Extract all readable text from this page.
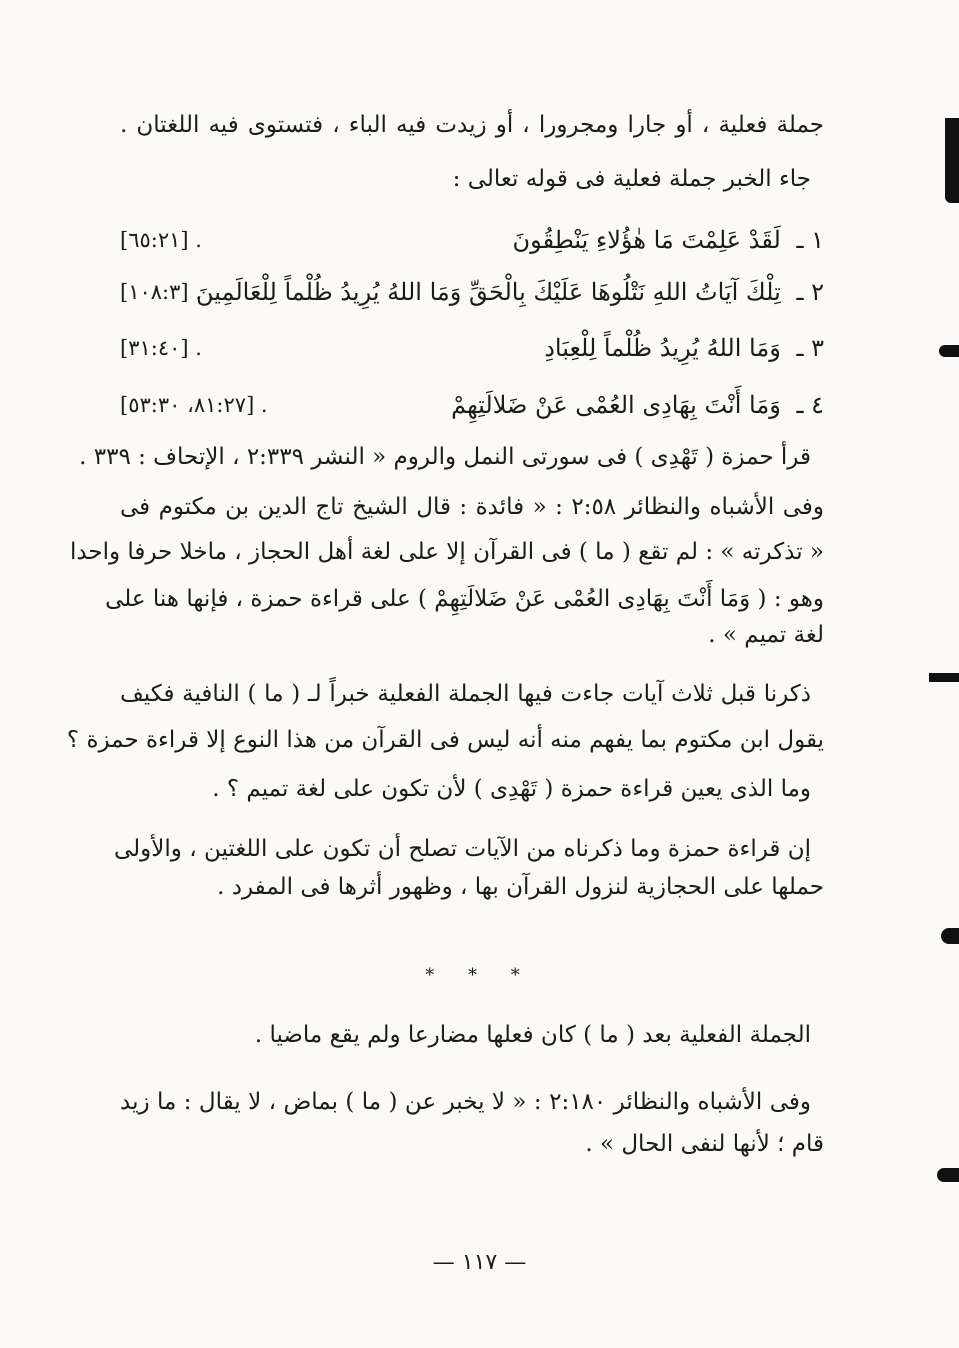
جملة فعلية ، أو جارا ومجرورا ، أو زيدت فيه الباء ، فتستوى فيه اللغتان .
جاء الخبر جملة فعلية فى قوله تعالى :
١ ـ لَقَدْ عَلِمْتَ مَا هٰؤُلاءِ يَنْطِقُونَ
[٦٥:٢١] .
٢ ـ تِلْكَ آيَاتُ اللهِ نَتْلُوهَا عَلَيْكَ بِالْحَقِّ وَمَا اللهُ يُرِيدُ ظُلْماً لِلْعَالَمِينَ
[١٠٨:٣] .
٣ ـ وَمَا اللهُ يُرِيدُ ظُلْماً لِلْعِبَادِ
[٣١:٤٠] .
٤ ـ وَمَا أَنْتَ بِهَادِى العُمْى عَنْ ضَلالَتِهِمْ
[٨١:٢٧، ٥٣:٣٠] .
قرأ حمزة ( تَهْدِى ) فى سورتى النمل والروم « النشر ٢:٣٣٩ ، الإتحاف : ٣٣٩ .
وفى الأشباه والنظائر ٢:٥٨ : « فائدة : قال الشيخ تاج الدين بن مكتوم فى
« تذكرته » : لم تقع ( ما ) فى القرآن إلا على لغة أهل الحجاز ، ماخلا حرفا واحدا
وهو : ( وَمَا أَنْتَ بِهَادِى العُمْى عَنْ ضَلالَتِهِمْ ) على قراءة حمزة ، فإنها هنا على
لغة تميم » .
ذكرنا قبل ثلاث آيات جاءت فيها الجملة الفعلية خبراً لـ ( ما ) النافية فكيف
يقول ابن مكتوم بما يفهم منه أنه ليس فى القرآن من هذا النوع إلا قراءة حمزة ؟
وما الذى يعين قراءة حمزة ( تَهْدِى ) لأن تكون على لغة تميم ؟ .
إن قراءة حمزة وما ذكرناه من الآيات تصلح أن تكون على اللغتين ، والأولى
حملها على الحجازية لنزول القرآن بها ، وظهور أثرها فى المفرد .
* * *
الجملة الفعلية بعد ( ما ) كان فعلها مضارعا ولم يقع ماضيا .
وفى الأشباه والنظائر ٢:١٨٠ : « لا يخبر عن ( ما ) بماض ، لا يقال : ما زيد
قام ؛ لأنها لنفى الحال » .
— ١١٧ —
